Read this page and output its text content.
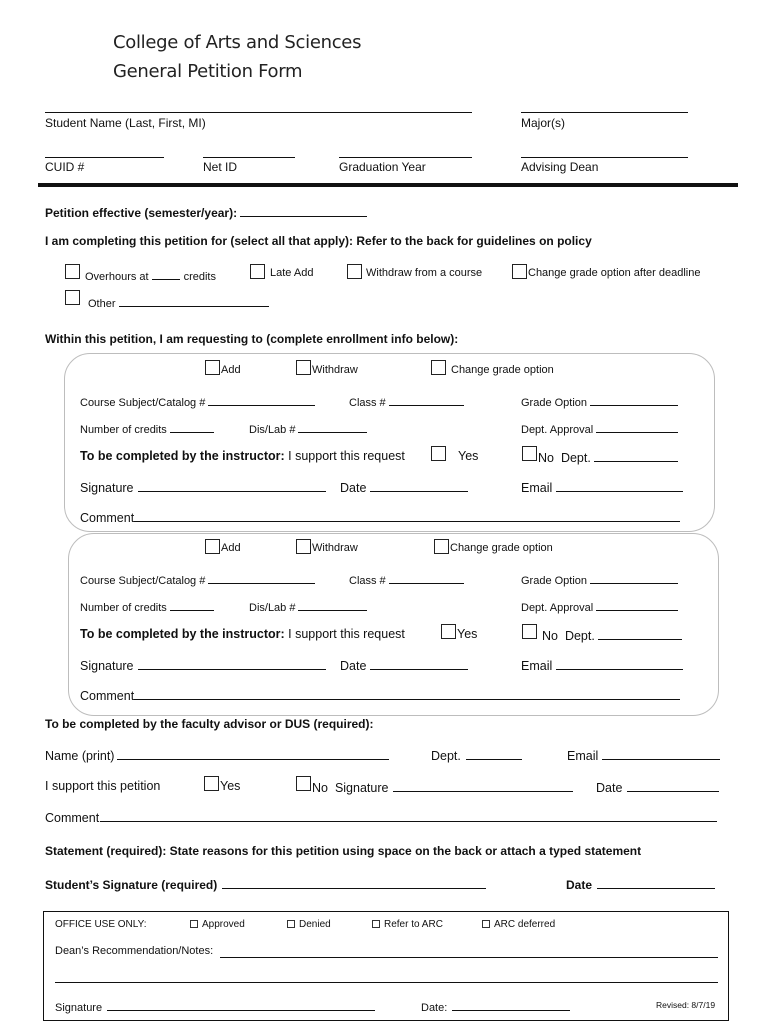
College of Arts and Sciences
General Petition Form
Student Name (Last, First, MI)	Major(s)
CUID #	Net ID	Graduation Year	Advising Dean
Petition effective (semester/year):
I am completing this petition for (select all that apply): Refer to the back for guidelines on policy
Overhours at	credits	Late Add	Withdraw from a course	Change grade option after deadline
Other
Within this petition, I am requesting to (complete enrollment info below):
Add	Withdraw	Change grade option
Course Subject/Catalog #	Class #	Grade Option
Number of credits	Dis/Lab #	Dept. Approval
To be completed by the instructor: I support this request	Yes	No Dept.
Signature	Date	Email
Comment
Add	Withdraw	Change grade option
Course Subject/Catalog #	Class #	Grade Option
Number of credits	Dis/Lab #	Dept. Approval
To be completed by the instructor: I support this request	Yes	No Dept.
Signature	Date	Email
Comment
To be completed by the faculty advisor or DUS (required):
Name (print)	Dept.	Email
I support this petition	Yes	No Signature	Date
Comment
Statement (required): State reasons for this petition using space on the back or attach a typed statement
Student’s Signature (required)	Date
OFFICE USE ONLY:	Approved	Denied	Refer to ARC	ARC deferred
Dean’s Recommendation/Notes:
Signature	Date:	Revised: 8/7/19
